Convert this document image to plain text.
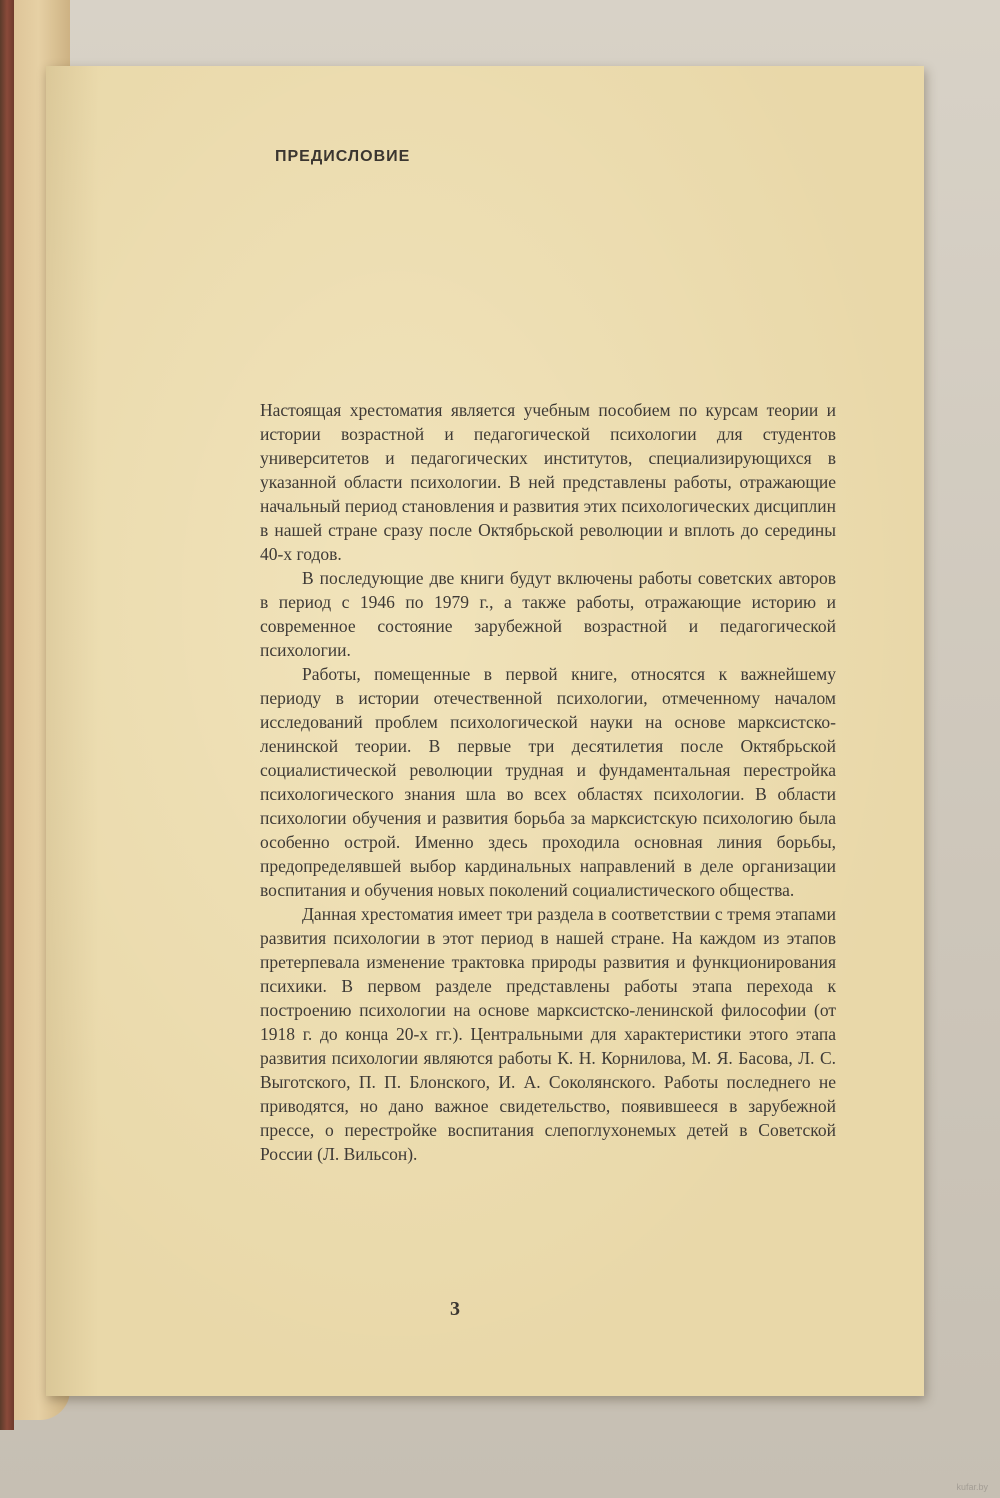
ПРЕДИСЛОВИЕ

Настоящая хрестоматия является учебным пособием по курсам теории и истории возрастной и педагогической психологии для студентов университетов и педагогических институтов, специализирующихся в указанной области психологии. В ней представлены работы, отражающие начальный период становления и развития этих психологических дисциплин в нашей стране сразу после Октябрьской революции и вплоть до середины 40-х годов.

В последующие две книги будут включены работы советских авторов в период с 1946 по 1979 г., а также работы, отражающие историю и современное состояние зарубежной возрастной и педагогической психологии.

Работы, помещенные в первой книге, относятся к важнейшему периоду в истории отечественной психологии, отмеченному началом исследований проблем психологической науки на основе марксистско-ленинской теории. В первые три десятилетия после Октябрьской социалистической революции трудная и фундаментальная перестройка психологического знания шла во всех областях психологии. В области психологии обучения и развития борьба за марксистскую психологию была особенно острой. Именно здесь проходила основная линия борьбы, предопределявшей выбор кардинальных направлений в деле организации воспитания и обучения новых поколений социалистического общества.

Данная хрестоматия имеет три раздела в соответствии с тремя этапами развития психологии в этот период в нашей стране. На каждом из этапов претерпевала изменение трактовка природы развития и функционирования психики. В первом разделе представлены работы этапа перехода к построению психологии на основе марксистско-ленинской философии (от 1918 г. до конца 20-х гг.). Центральными для характеристики этого этапа развития психологии являются работы К. Н. Корнилова, М. Я. Басова, Л. С. Выготского, П. П. Блонского, И. А. Соколянского. Работы последнего не приводятся, но дано важное свидетельство, появившееся в зарубежной прессе, о перестройке воспитания слепоглухонемых детей в Советской России (Л. Вильсон).

3
kufar.by
